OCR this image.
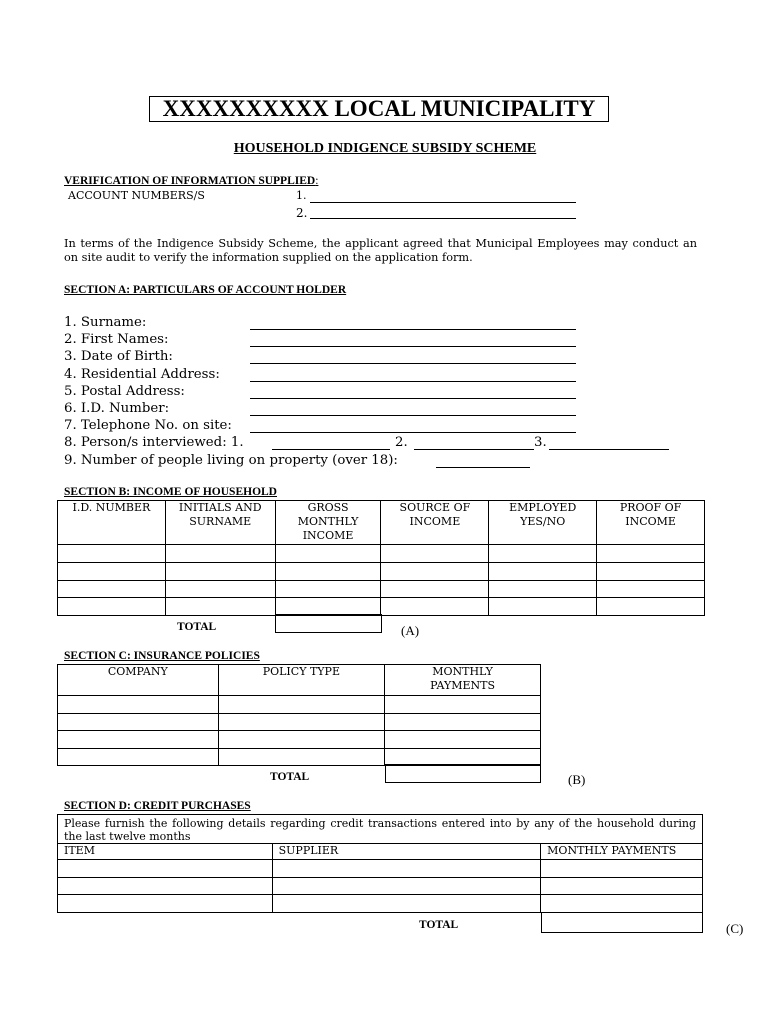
XXXXXXXXXX LOCAL MUNICIPALITY
HOUSEHOLD INDIGENCE SUBSIDY SCHEME
VERIFICATION OF INFORMATION SUPPLIED:
ACCOUNT NUMBERS/S	1.
2.
In terms of the Indigence Subsidy Scheme, the applicant agreed that Municipal Employees may conduct an on site audit to verify the information supplied on the application form.
SECTION A: PARTICULARS OF ACCOUNT HOLDER
1. Surname:
2. First Names:
3. Date of Birth:
4. Residential Address:
5. Postal Address:
6. I.D. Number:
7. Telephone No. on site:
8. Person/s interviewed: 1.	2.	3.
9. Number of people living on property (over 18):
SECTION B: INCOME OF HOUSEHOLD
I.D. NUMBER	INITIALS AND SURNAME	GROSS MONTHLY INCOME	SOURCE OF INCOME	EMPLOYED YES/NO	PROOF OF INCOME

TOTAL	(A)
SECTION C: INSURANCE POLICIES
COMPANY	POLICY TYPE	MONTHLY PAYMENTS

TOTAL	(B)
SECTION D: CREDIT PURCHASES
Please furnish the following details regarding credit transactions entered into by any of the household during the last twelve months		
ITEM	SUPPLIER	MONTHLY PAYMENTS

TOTAL	(C)
